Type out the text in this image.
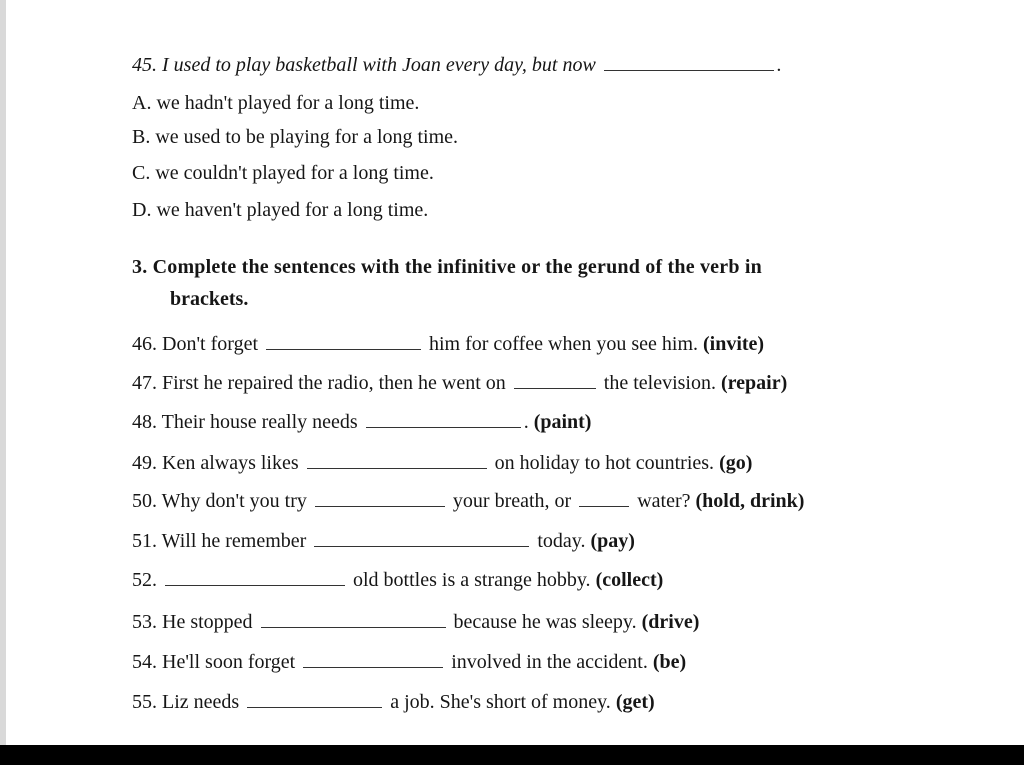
45. I used to play basketball with Joan every day, but now	.
A. we hadn't played for a long time.
B. we used to be playing for a long time.
C. we couldn't played for a long time.
D. we haven't played for a long time.
3. Complete the sentences with the infinitive or the gerund of the verb in
brackets.
46. Don't forget	him for coffee when you see him. (invite)
47. First he repaired the radio, then he went on	the television. (repair)
48. Their house really needs	. (paint)
49. Ken always likes	on holiday to hot countries. (go)
50. Why don't you try	your breath, or	water? (hold, drink)
51. Will he remember	today. (pay)
52.	old bottles is a strange hobby. (collect)
53. He stopped	because he was sleepy. (drive)
54. He'll soon forget	involved in the accident. (be)
55. Liz needs	a job. She's short of money. (get)
